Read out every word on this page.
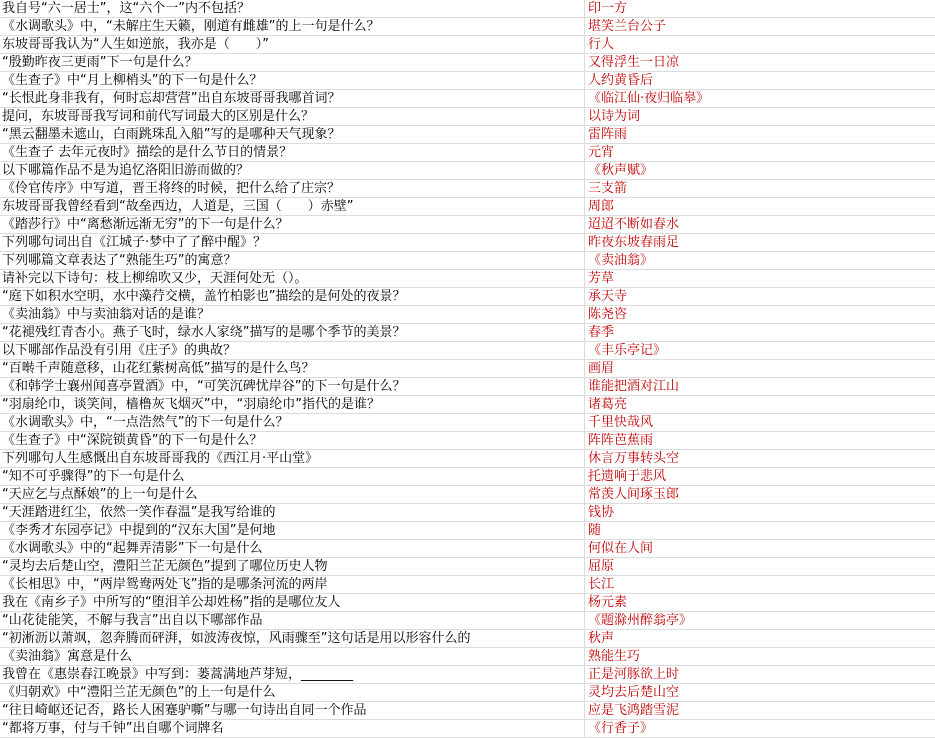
我自号“六一居士”，这“六个一”内不包括？	印一方
《水调歌头》中，“未解庄生天籁，刚道有雌雄”的上一句是什么？	堪笑兰台公子
东坡哥哥我认为“人生如逆旅，我亦是（　　）”	行人
“殷勤昨夜三更雨”下一句是什么？	又得浮生一日凉
《生查子》中“月上柳梢头”的下一句是什么？	人约黄昏后
“长恨此身非我有，何时忘却营营”出自东坡哥哥我哪首词？	《临江仙·夜归临皋》
提问，东坡哥哥我写词和前代写词最大的区别是什么？	以诗为词
“黑云翻墨未遮山，白雨跳珠乱入船”写的是哪种天气现象？	雷阵雨
《生查子 去年元夜时》描绘的是什么节日的情景？	元宵
以下哪篇作品不是为追忆洛阳旧游而做的？	《秋声赋》
《伶官传序》中写道，晋王将终的时候，把什么给了庄宗？	三支箭
东坡哥哥我曾经看到“故垒西边，人道是，三国（　　）赤壁”	周郎
《踏莎行》中“离愁渐远渐无穷”的下一句是什么？	迢迢不断如春水
下列哪句词出自《江城子·梦中了了醉中醒》？	昨夜东坡春雨足
下列哪篇文章表达了“熟能生巧”的寓意？	《卖油翁》
请补完以下诗句：枝上柳绵吹又少，天涯何处无（）。	芳草
“庭下如积水空明，水中藻荇交横，盖竹柏影也”描绘的是何处的夜景？	承天寺
《卖油翁》中与卖油翁对话的是谁？	陈尧咨
“花褪残红青杏小。燕子飞时，绿水人家绕”描写的是哪个季节的美景？	春季
以下哪部作品没有引用《庄子》的典故？	《丰乐亭记》
“百啭千声随意移，山花红紫树高低”描写的是什么鸟？	画眉
《和韩学士襄州闻喜亭置酒》中，“可笑沉碑忧岸谷”的下一句是什么？	谁能把酒对江山
“羽扇纶巾，谈笑间，樯橹灰飞烟灭”中，“羽扇纶巾”指代的是谁？	诸葛亮
《水调歌头》中，“一点浩然气”的下一句是什么？	千里快哉风
《生查子》中“深院锁黄昏”的下一句是什么？	阵阵芭蕉雨
下列哪句人生感慨出自东坡哥哥我的《西江月·平山堂》	休言万事转头空
“知不可乎骤得”的下一句是什么	托遗响于悲风
“天应乞与点酥娘”的上一句是什么	常羡人间琢玉郎
“天涯踏进红尘，依然一笑作春温”是我写给谁的	钱协
《李秀才东园亭记》中提到的“汉东大国”是何地	随
《水调歌头》中的“起舞弄清影”下一句是什么	何似在人间
“灵均去后楚山空，澧阳兰芷无颜色”提到了哪位历史人物	屈原
《长相思》中，“两岸鸳鸯两处飞”指的是哪条河流的两岸	长江
我在《南乡子》中所写的“堕泪羊公却姓杨”指的是哪位友人	杨元素
“山花徒能笑，不解与我言”出自以下哪部作品	《题滁州醉翁亭》
“初淅沥以萧飒，忽奔腾而砰湃，如波涛夜惊，风雨骤至”这句话是用以形容什么的	秋声
《卖油翁》寓意是什么	熟能生巧
我曾在《惠崇春江晚景》中写到：蒌蒿满地芦芽短，________	正是河豚欲上时
《归朝欢》中“澧阳兰芷无颜色”的上一句是什么	灵均去后楚山空
“往日崎岖还记否，路长人困蹇驴嘶”与哪一句诗出自同一个作品	应是飞鸿踏雪泥
“都将万事，付与千钟”出自哪个词牌名	《行香子》
